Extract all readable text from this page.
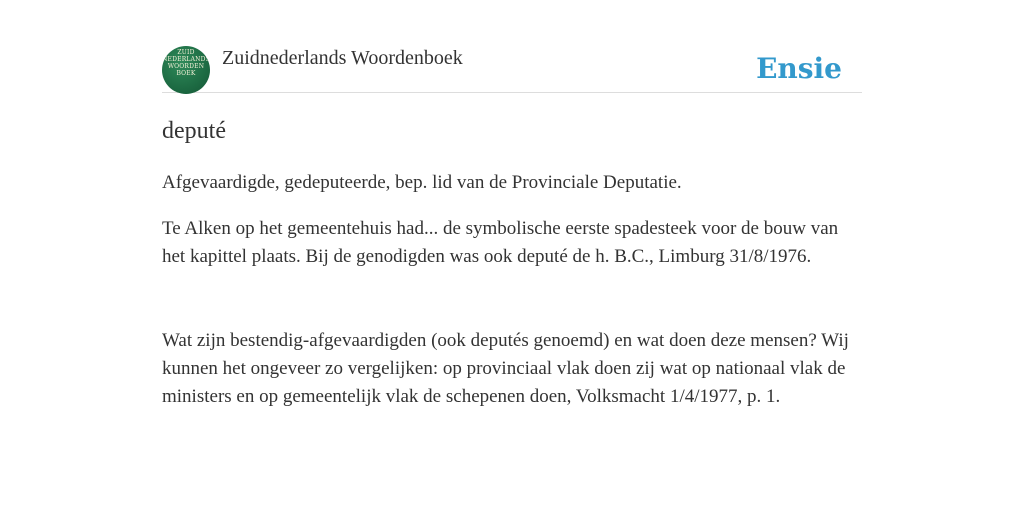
ZUID
NEDERLANDS
WOORDEN
BOEK
Zuidnederlands Woordenboek	Ensie
deputé

Afgevaardigde, gedeputeerde, bep. lid van de Provinciale Deputatie.

Te Alken op het gemeentehuis had... de symbolische eerste spadesteek voor de bouw van het kapittel plaats. Bij de genodigden was ook deputé de h. B.C., Limburg 31/8/1976.

Wat zijn bestendig-afgevaardigden (ook deputés genoemd) en wat doen deze mensen? Wij kunnen het ongeveer zo vergelijken: op provinciaal vlak doen zij wat op nationaal vlak de ministers en op gemeentelijk vlak de schepenen doen, Volksmacht 1/4/1977, p. 1.
